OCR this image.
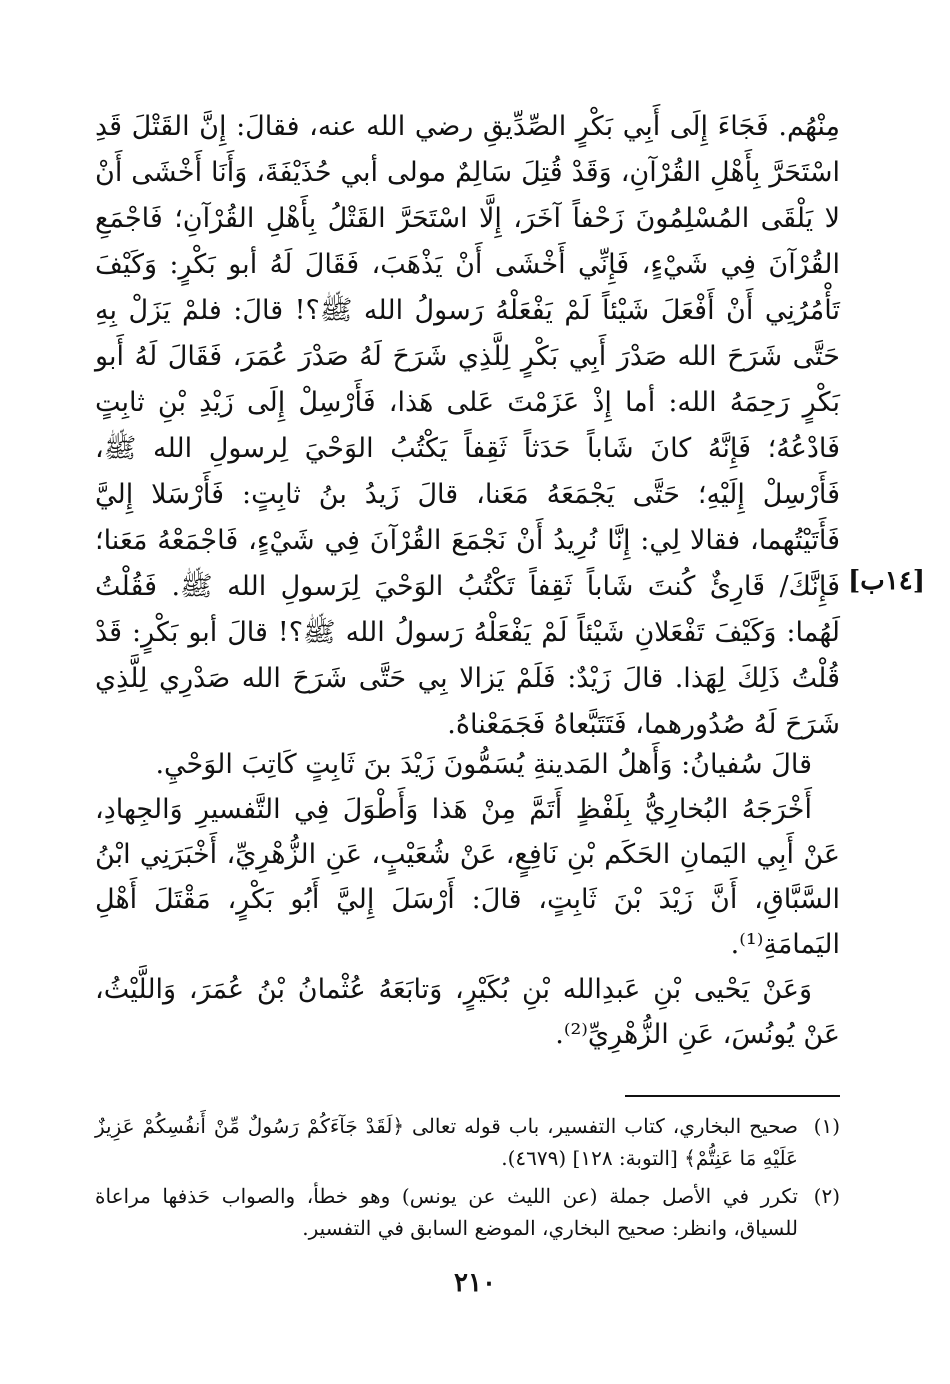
مِنْهُم. فَجَاءَ إِلَى أَبِي بَكْرٍ الصِّدِّيقِ رضي الله عنه، فقالَ: إِنَّ القَتْلَ قَدِ اسْتَحَرَّ بِأَهْلِ القُرْآنِ، وَقَدْ قُتِلَ سَالِمٌ مولى أبي حُذَيْفَةَ، وَأَنَا أَخْشَى أَنْ لا يَلْقَى المُسْلِمُونَ زَحْفاً آخَرَ، إِلَّا اسْتَحَرَّ القَتْلُ بِأَهْلِ القُرْآنِ؛ فَاجْمَعِ القُرْآنَ فِي شَيْءٍ، فَإِنِّي أَخْشَى أَنْ يَذْهَبَ، فَقَالَ لَهُ أبو بَكْرٍ: وَكَيْفَ تَأْمُرُنِي أَنْ أَفْعَلَ شَيْئاً لَمْ يَفْعَلْهُ رَسولُ الله ﷺ؟! قالَ: فلمْ يَزَلْ بِهِ حَتَّى شَرَحَ الله صَدْرَ أَبِي بَكْرٍ لِلَّذِي شَرَحَ لَهُ صَدْرَ عُمَرَ، فَقَالَ لَهُ أَبو بَكْرٍ رَحِمَهُ الله: أما إِذْ عَزَمْتَ عَلى هَذا، فَأَرْسِلْ إِلَى زَيْدِ بْنِ ثابِتٍ فَادْعُهُ؛ فَإِنَّهُ كانَ شَاباً حَدَثاً ثَقِفاً يَكْتُبُ الوَحْيَ لِرسولِ الله ﷺ، فَأَرْسِلْ إِلَيْهِ؛ حَتَّى يَجْمَعَهُ مَعَنا، قالَ زَيدُ بنُ ثابِتٍ: فَأَرْسَلا إِليَّ فَأَتَيْتُهما، فقالا لِي: إِنَّا نُرِيدُ أَنْ نَجْمَعَ القُرْآنَ فِي شَيْءٍ، فَاجْمَعْهُ مَعَنا؛ فَإِنَّكَ/ قَارِئٌ كُنتَ شَاباً ثَقِفاً تَكْتُبُ الوَحْيَ لِرَسولِ الله ﷺ. فَقُلْتُ لَهُما: وَكَيْفَ تَفْعَلانِ شَيْئاً لَمْ يَفْعَلْهُ رَسولُ الله ﷺ؟! قالَ أبو بَكْرٍ: قَدْ قُلْتُ ذَلِكَ لِهَذا. قالَ زَيْدٌ: فَلَمْ يَزالا بِي حَتَّى شَرَحَ الله صَدْرِي لِلَّذِي شَرَحَ لَهُ صُدُورهما، فَتَتَبَّعاهُ فَجَمَعْناهُ.

[١٤ب]

قالَ سُفيانُ: وَأَهلُ المَدينةِ يُسَمُّونَ زَيْدَ بنَ ثَابِتٍ كَاتِبَ الوَحْيِ.

أَخْرَجَهُ البُخارِيُّ بِلَفْظٍ أَتَمَّ مِنْ هَذا وَأَطْوَلَ فِي التَّفسيرِ وَالجِهادِ، عَنْ أَبِي اليَمانِ الحَكَم بْنِ نَافِعٍ، عَنْ شُعَيْبٍ، عَنِ الزُّهْرِيِّ، أَخْبَرَنِي ابْنُ السَّبَّاقِ، أَنَّ زَيْدَ بْنَ ثَابِتٍ، قالَ: أَرْسَلَ إِليَّ أَبُو بَكْرٍ، مَقْتَلَ أَهْلِ اليَمامَةِ⁽¹⁾.

وَعَنْ يَحْيى بْنِ عَبدِالله بْنِ بُكَيْرٍ، وَتابَعَهُ عُثْمانُ بْنُ عُمَرَ، وَاللَّيْثُ، عَنْ يُونُسَ، عَنِ الزُّهْرِيِّ⁽²⁾.

(١)
صحيح البخاري، كتاب التفسير، باب قوله تعالى ﴿لَقَدْ جَآءَكُمْ رَسُولٌ مِّنْ أَنفُسِكُمْ عَزِيزٌ عَلَيْهِ مَا عَنِتُّمْ﴾ [التوبة: ١٢٨] (٤٦٧٩).
(٢)
تكرر في الأصل جملة (عن الليث عن يونس) وهو خطأ، والصواب حَذفها مراعاة للسياق، وانظر: صحيح البخاري، الموضع السابق في التفسير.
٢١٠
